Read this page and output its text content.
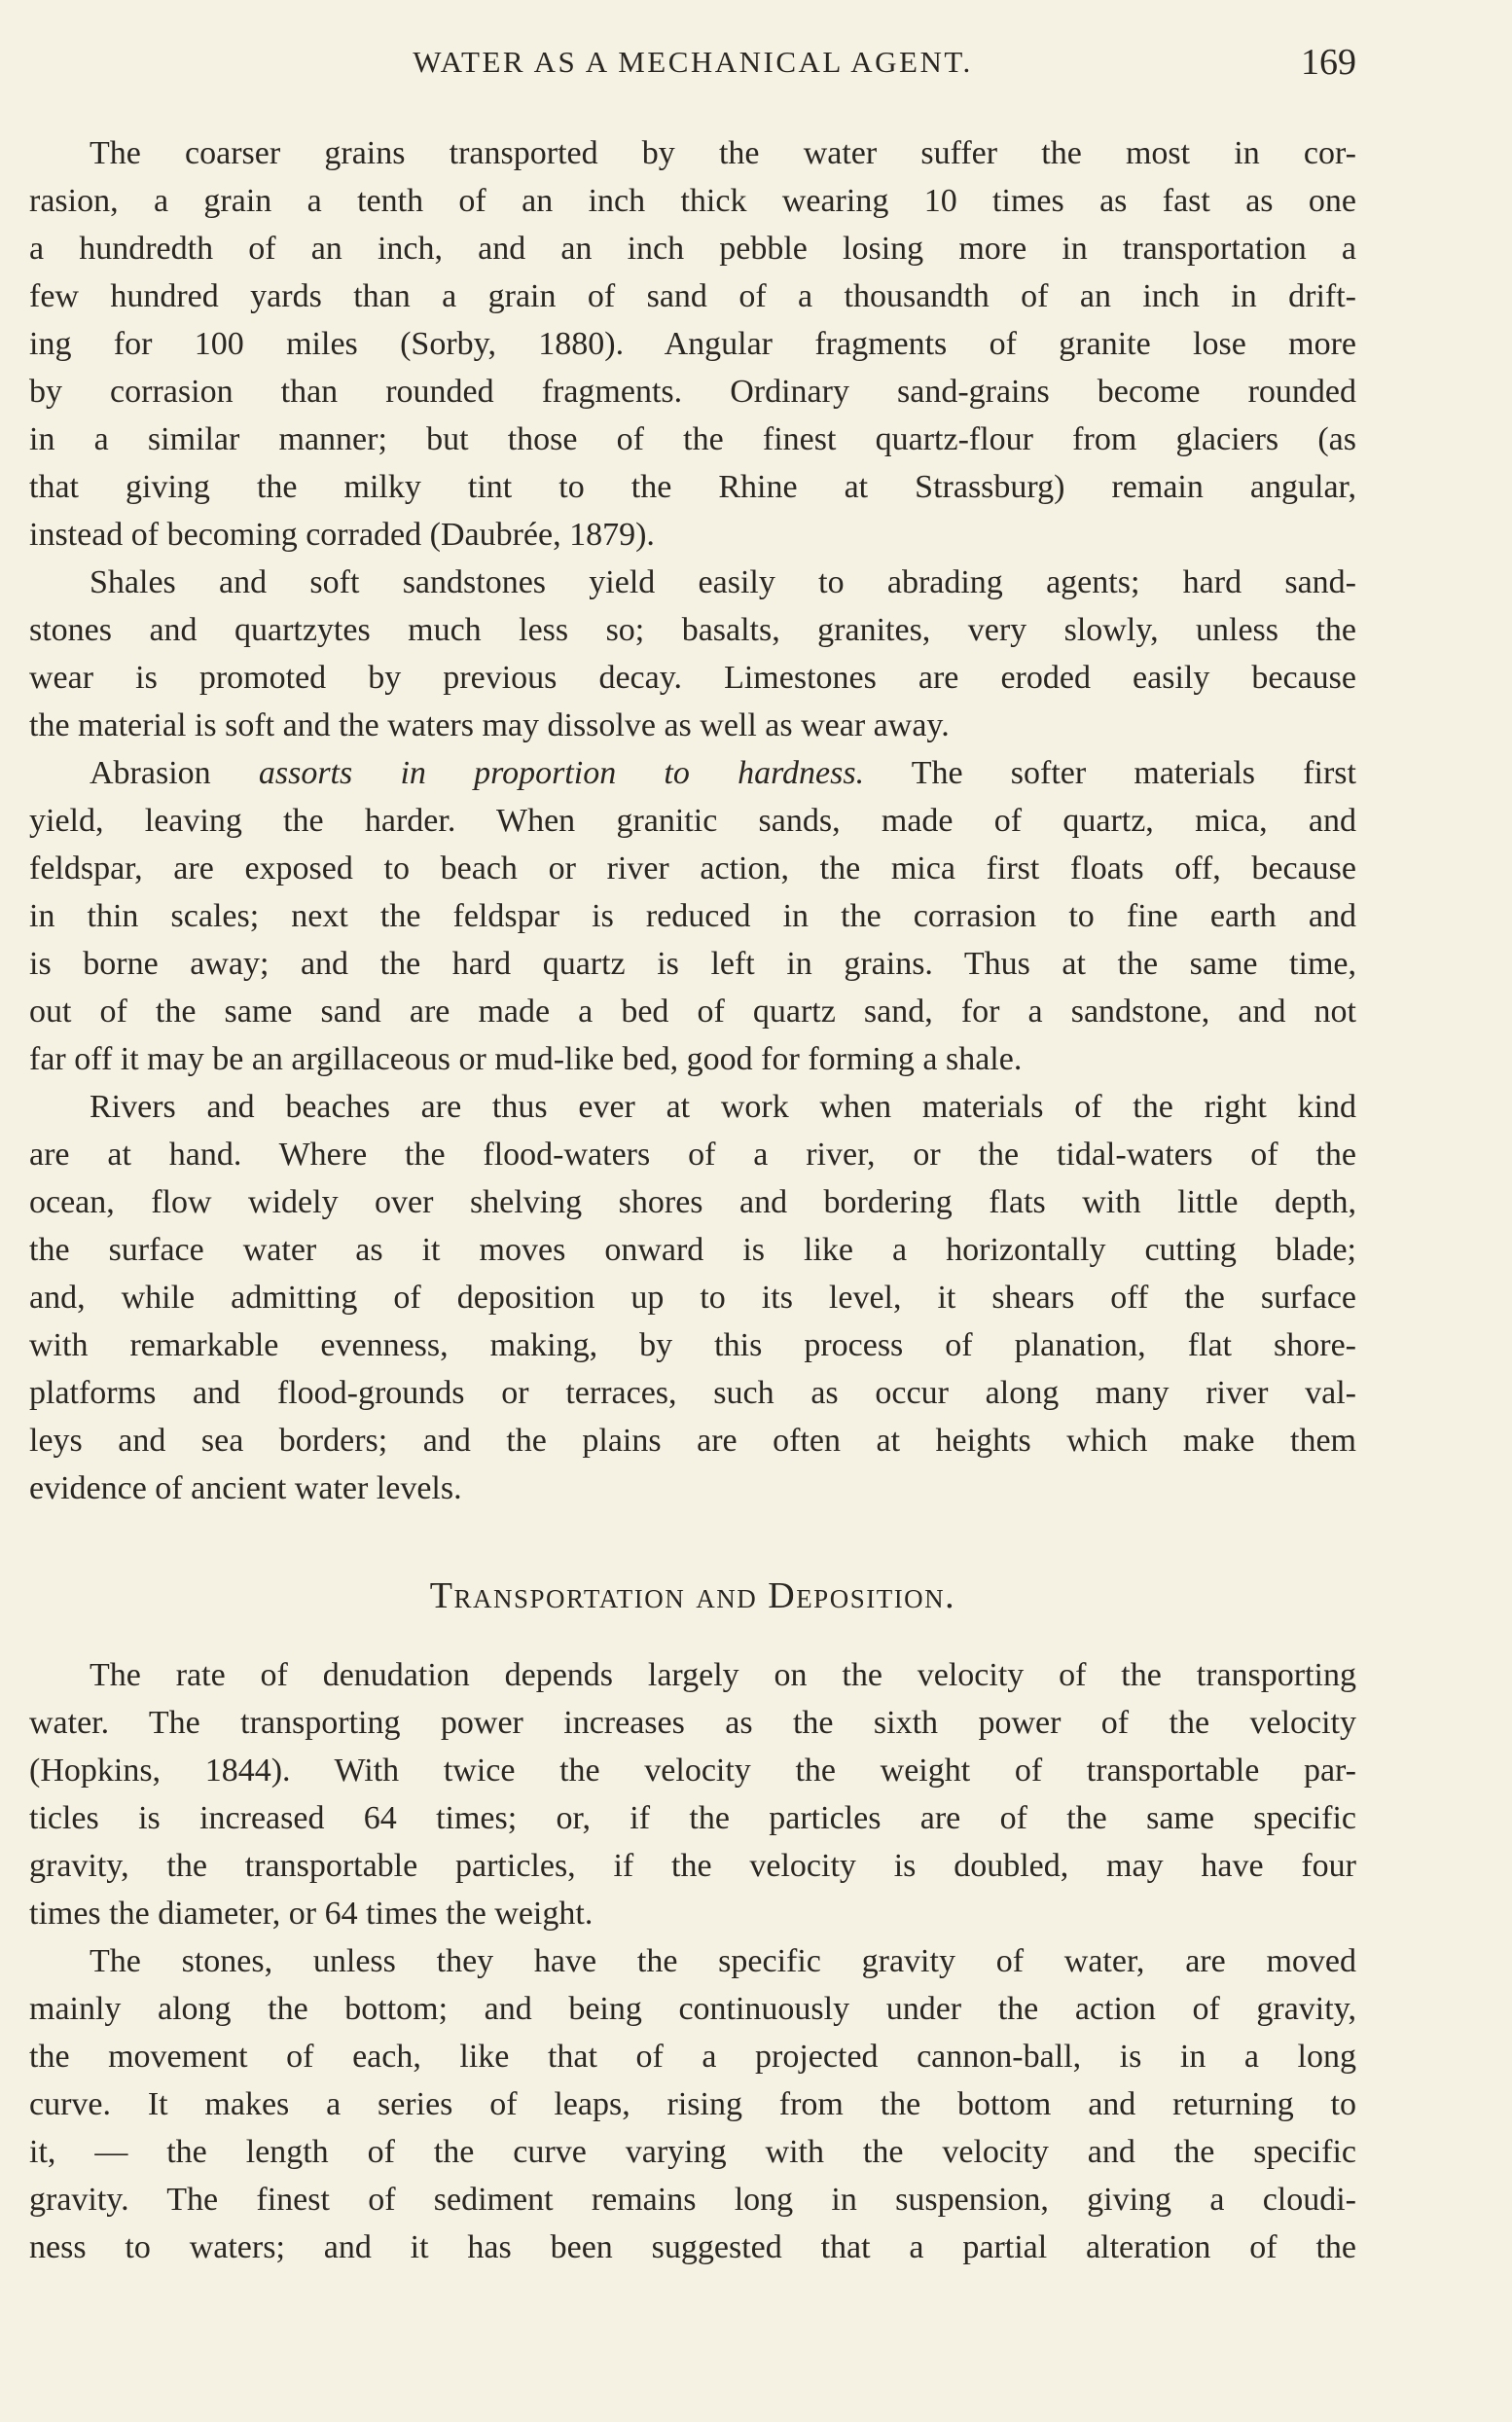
WATER AS A MECHANICAL AGENT.	169
The coarser grains transported by the water suffer the most in cor-
rasion, a grain a tenth of an inch thick wearing 10 times as fast as one
a hundredth of an inch, and an inch pebble losing more in transportation a
few hundred yards than a grain of sand of a thousandth of an inch in drift-
ing for 100 miles (Sorby, 1880). Angular fragments of granite lose more
by corrasion than rounded fragments. Ordinary sand-grains become rounded
in a similar manner; but those of the finest quartz-flour from glaciers (as
that giving the milky tint to the Rhine at Strassburg) remain angular,
instead of becoming corraded (Daubrée, 1879).
Shales and soft sandstones yield easily to abrading agents; hard sand-
stones and quartzytes much less so; basalts, granites, very slowly, unless the
wear is promoted by previous decay. Limestones are eroded easily because
the material is soft and the waters may dissolve as well as wear away.
Abrasion assorts in proportion to hardness. The softer materials first
yield, leaving the harder. When granitic sands, made of quartz, mica, and
feldspar, are exposed to beach or river action, the mica first floats off, because
in thin scales; next the feldspar is reduced in the corrasion to fine earth and
is borne away; and the hard quartz is left in grains. Thus at the same time,
out of the same sand are made a bed of quartz sand, for a sandstone, and not
far off it may be an argillaceous or mud-like bed, good for forming a shale.
Rivers and beaches are thus ever at work when materials of the right kind
are at hand. Where the flood-waters of a river, or the tidal-waters of the
ocean, flow widely over shelving shores and bordering flats with little depth,
the surface water as it moves onward is like a horizontally cutting blade;
and, while admitting of deposition up to its level, it shears off the surface
with remarkable evenness, making, by this process of planation, flat shore-
platforms and flood-grounds or terraces, such as occur along many river val-
leys and sea borders; and the plains are often at heights which make them
evidence of ancient water levels.
Transportation and Deposition.
The rate of denudation depends largely on the velocity of the transporting
water. The transporting power increases as the sixth power of the velocity
(Hopkins, 1844). With twice the velocity the weight of transportable par-
ticles is increased 64 times; or, if the particles are of the same specific
gravity, the transportable particles, if the velocity is doubled, may have four
times the diameter, or 64 times the weight.
The stones, unless they have the specific gravity of water, are moved
mainly along the bottom; and being continuously under the action of gravity,
the movement of each, like that of a projected cannon-ball, is in a long
curve. It makes a series of leaps, rising from the bottom and returning to
it, — the length of the curve varying with the velocity and the specific
gravity. The finest of sediment remains long in suspension, giving a cloudi-
ness to waters; and it has been suggested that a partial alteration of the
